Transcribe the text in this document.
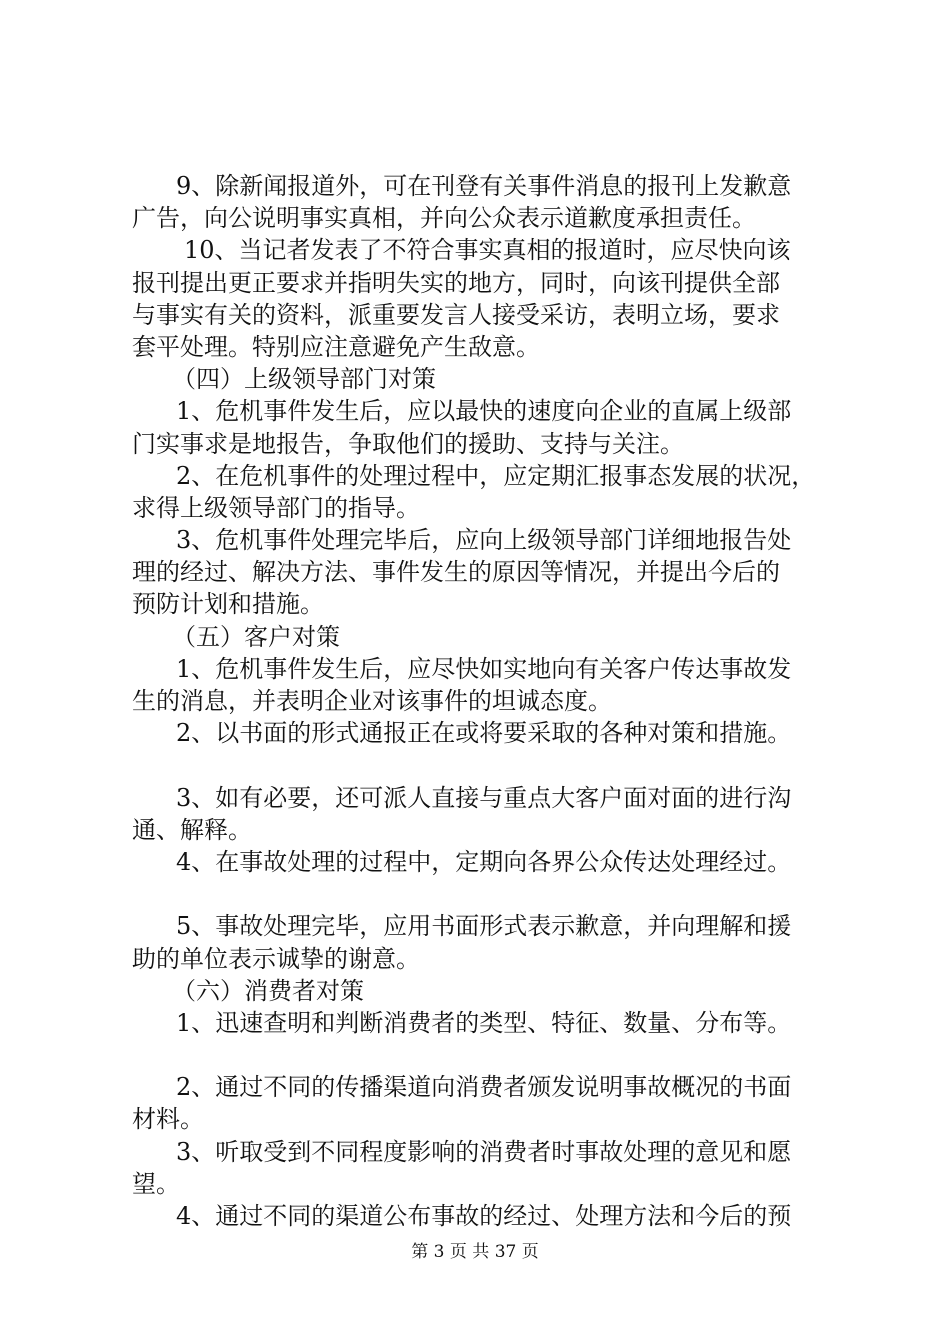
9、除新闻报道外，可在刊登有关事件消息的报刊上发歉意
广告，向公说明事实真相，并向公众表示道歉度承担责任。
10、当记者发表了不符合事实真相的报道时，应尽快向该
报刊提出更正要求并指明失实的地方，同时，向该刊提供全部
与事实有关的资料，派重要发言人接受采访，表明立场，要求
套平处理。特别应注意避免产生敌意。
（四）上级领导部门对策
1、危机事件发生后，应以最快的速度向企业的直属上级部
门实事求是地报告，争取他们的援助、支持与关注。
2、在危机事件的处理过程中，应定期汇报事态发展的状况，
求得上级领导部门的指导。
3、危机事件处理完毕后，应向上级领导部门详细地报告处
理的经过、解决方法、事件发生的原因等情况，并提出今后的
预防计划和措施。
（五）客户对策
1、危机事件发生后，应尽快如实地向有关客户传达事故发
生的消息，并表明企业对该事件的坦诚态度。
2、以书面的形式通报正在或将要采取的各种对策和措施。
3、如有必要，还可派人直接与重点大客户面对面的进行沟
通、解释。
4、在事故处理的过程中，定期向各界公众传达处理经过。
5、事故处理完毕，应用书面形式表示歉意，并向理解和援
助的单位表示诚挚的谢意。
（六）消费者对策
1、迅速查明和判断消费者的类型、特征、数量、分布等。
2、通过不同的传播渠道向消费者颁发说明事故概况的书面
材料。
3、听取受到不同程度影响的消费者时事故处理的意见和愿
望。
4、通过不同的渠道公布事故的经过、处理方法和今后的预
第 3 页 共 37 页
